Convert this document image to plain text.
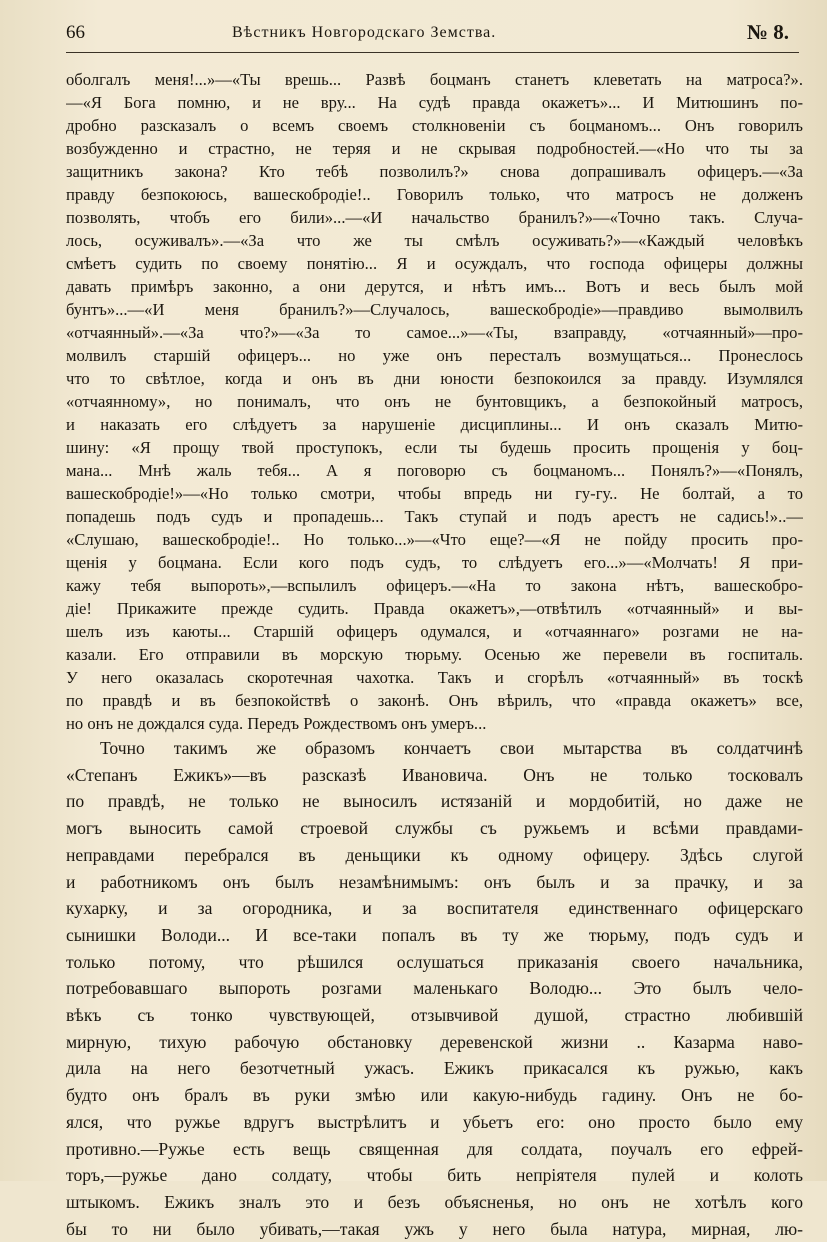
66	Вѣстникъ Новгородскаго Земства.	№ 8.

оболгалъ меня!...»—«Ты врешь... Развѣ боцманъ станетъ клеветать на матроса?».
—«Я Бога помню, и не вру... На судѣ правда окажетъ»... И Митюшинъ по-
дробно разсказалъ о всемъ своемъ столкновеніи съ боцманомъ... Онъ говорилъ
возбужденно и страстно, не теряя и не скрывая подробностей.—«Но что ты за
защитникъ закона? Кто тебѣ позволилъ?» снова допрашивалъ офицеръ.—«За
правду безпокоюсь, вашескобродіе!.. Говорилъ только, что матросъ не долженъ
позволять, чтобъ его били»...—«И начальство бранилъ?»—«Точно такъ. Случа-
лось, осуживалъ».—«За что же ты смѣлъ осуживать?»—«Каждый человѣкъ
смѣетъ судить по своему понятію... Я и осуждалъ, что господа офицеры должны
давать примѣръ законно, а они дерутся, и нѣтъ имъ... Вотъ и весь былъ мой
бунтъ»...—«И меня бранилъ?»—Случалось, вашескобродіе»—правдиво вымолвилъ
«отчаянный».—«За что?»—«За то самое...»—«Ты, взаправду, «отчаянный»—про-
молвилъ старшій офицеръ... но уже онъ пересталъ возмущаться... Пронеслось
что то свѣтлое, когда и онъ въ дни юности безпокоился за правду. Изумлялся
«отчаянному», но понималъ, что онъ не бунтовщикъ, а безпокойный матросъ,
и наказать его слѣдуетъ за нарушеніе дисциплины... И онъ сказалъ Митю-
шину: «Я прощу твой проступокъ, если ты будешь просить прощенія у боц-
мана... Мнѣ жаль тебя... А я поговорю съ боцманомъ... Понялъ?»—«Понялъ,
вашескобродіе!»—«Но только смотри, чтобы впредь ни гу-гу.. Не болтай, а то
попадешь подъ судъ и пропадешь... Такъ ступай и подъ арестъ не садись!»..—
«Слушаю, вашескобродіе!.. Но только...»—«Что еще?—«Я не пойду просить про-
щенія у боцмана. Если кого подъ судъ, то слѣдуетъ его...»—«Молчать! Я при-
кажу тебя выпороть»,—вспылилъ офицеръ.—«На то закона нѣтъ, вашескобро-
діе! Прикажите прежде судить. Правда окажетъ»,—отвѣтилъ «отчаянный» и вы-
шелъ изъ каюты... Старшій офицеръ одумался, и «отчаяннаго» розгами не на-
казали. Его отправили въ морскую тюрьму. Осенью же перевели въ госпиталь.
У него оказалась скоротечная чахотка. Такъ и сгорѣлъ «отчаянный» въ тоскѣ
по правдѣ и въ безпокойствѣ о законѣ. Онъ вѣрилъ, что «правда окажетъ» все,
но онъ не дождался суда. Передъ Рождествомъ онъ умеръ...

Точно такимъ же образомъ кончаетъ свои мытарства въ солдатчинѣ
«Степанъ Ежикъ»—въ разсказѣ Ивановича. Онъ не только тосковалъ
по правдѣ, не только не выносилъ истязаній и мордобитій, но даже не
могъ выносить самой строевой службы съ ружьемъ и всѣми правдами-
неправдами перебрался въ деньщики къ одному офицеру. Здѣсь слугой
и работникомъ онъ былъ незамѣнимымъ: онъ былъ и за прачку, и за
кухарку, и за огородника, и за воспитателя единственнаго офицерскаго
сынишки Володи... И все-таки попалъ въ ту же тюрьму, подъ судъ и
только потому, что рѣшился ослушаться приказанія своего начальника,
потребовавшаго выпороть розгами маленькаго Володю... Это былъ чело-
вѣкъ съ тонко чувствующей, отзывчивой душой, страстно любившій
мирную, тихую рабочую обстановку деревенской жизни .. Казарма наво-
дила на него безотчетный ужасъ. Ежикъ прикасался къ ружью, какъ
будто онъ бралъ въ руки змѣю или какую-нибудь гадину. Онъ не бо-
ялся, что ружье вдругъ выстрѣлитъ и убьетъ его: оно просто было ему
противно.—Ружье есть вещь священная для солдата, поучалъ его ефрей-
торъ,—ружье дано солдату, чтобы бить непріятеля пулей и колоть
штыкомъ. Ежикъ зналъ это и безъ объясненья, но онъ не хотѣлъ кого
бы то ни было убивать,—такая ужъ у него была натура, мирная, лю-
